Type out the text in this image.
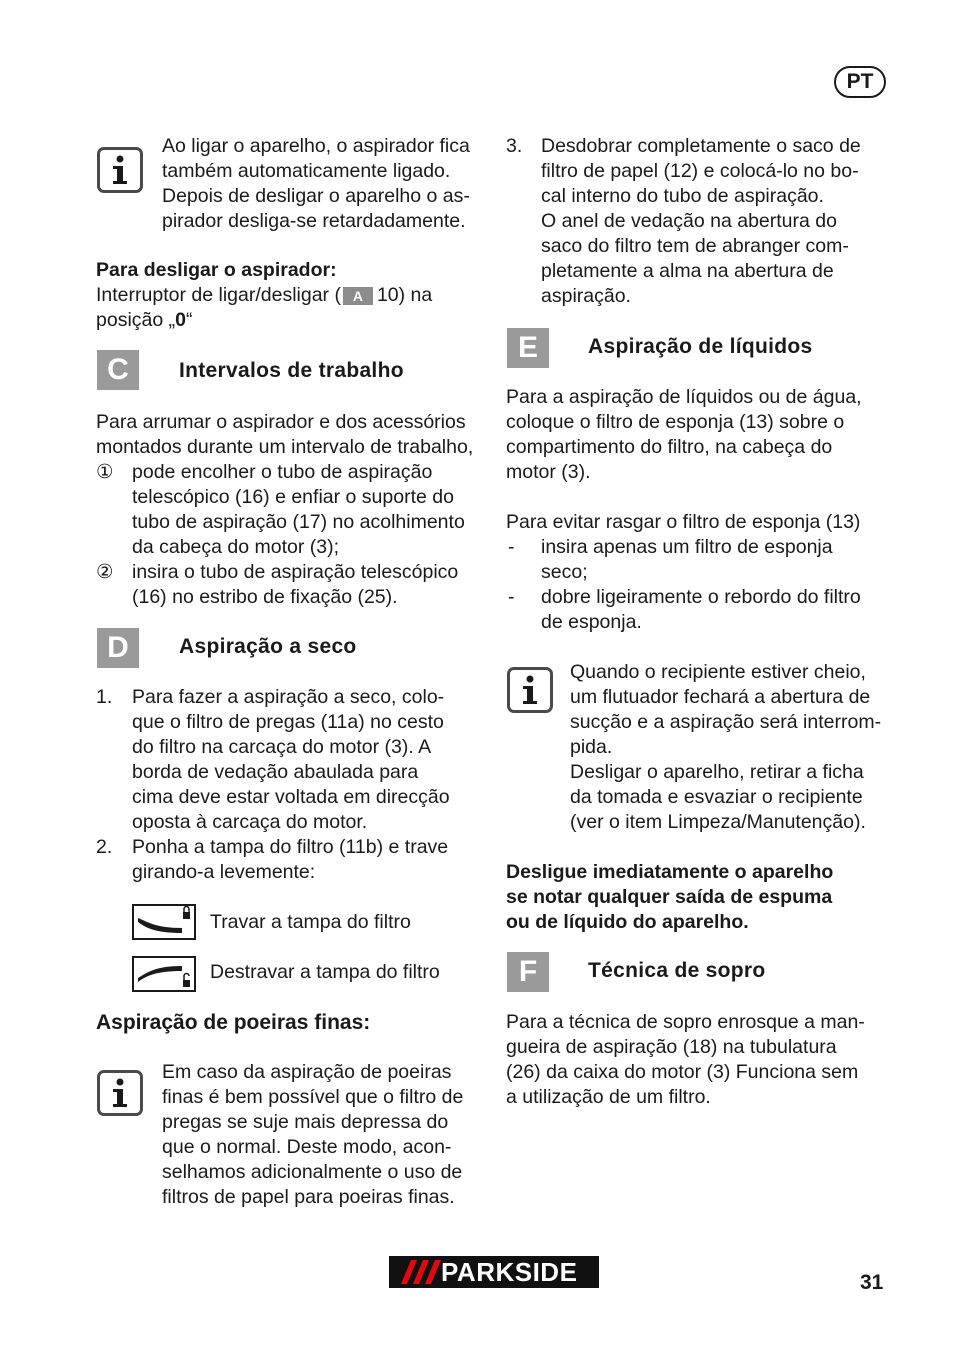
PT
Ao ligar o aparelho, o aspirador fica
também automaticamente ligado.
Depois de desligar o aparelho o as-
pirador desliga-se retardadamente.
Para desligar o aspirador:
Interruptor de ligar/desligar ( A 10) na
posição „0“
C	Intervalos de trabalho
Para arrumar o aspirador e dos acessórios
montados durante um intervalo de trabalho,
① pode encolher o tubo de aspiração
telescópico (16) e enfiar o suporte do
tubo de aspiração (17) no acolhimento
da cabeça do motor (3);
② insira o tubo de aspiração telescópico
(16) no estribo de fixação (25).
D	Aspiração a seco
1. Para fazer a aspiração a seco, colo-
que o filtro de pregas (11a) no cesto
do filtro na carcaça do motor (3). A
borda de vedação abaulada para
cima deve estar voltada em direcção
oposta à carcaça do motor.
2. Ponha a tampa do filtro (11b) e trave
girando-a levemente:
Travar a tampa do filtro
Destravar a tampa do filtro
Aspiração de poeiras finas:
Em caso da aspiração de poeiras
finas é bem possível que o filtro de
pregas se suje mais depressa do
que o normal. Deste modo, acon-
selhamos adicionalmente o uso de
filtros de papel para poeiras finas.
3. Desdobrar completamente o saco de
filtro de papel (12) e colocá-lo no bo-
cal interno do tubo de aspiração.
O anel de vedação na abertura do
saco do filtro tem de abranger com-
pletamente a alma na abertura de
aspiração.
E	Aspiração de líquidos
Para a aspiração de líquidos ou de água,
coloque o filtro de esponja (13) sobre o
compartimento do filtro, na cabeça do
motor (3).
Para evitar rasgar o filtro de esponja (13)
- insira apenas um filtro de esponja
seco;
- dobre ligeiramente o rebordo do filtro
de esponja.
Quando o recipiente estiver cheio,
um flutuador fechará a abertura de
sucção e a aspiração será interrom-
pida.
Desligar o aparelho, retirar a ficha
da tomada e esvaziar o recipiente
(ver o item Limpeza/Manutenção).
Desligue imediatamente o aparelho
se notar qualquer saída de espuma
ou de líquido do aparelho.
F	Técnica de sopro
Para a técnica de sopro enrosque a man-
gueira de aspiração (18) na tubulatura
(26) da caixa do motor (3) Funciona sem
a utilização de um filtro.
PARKSIDE	31
